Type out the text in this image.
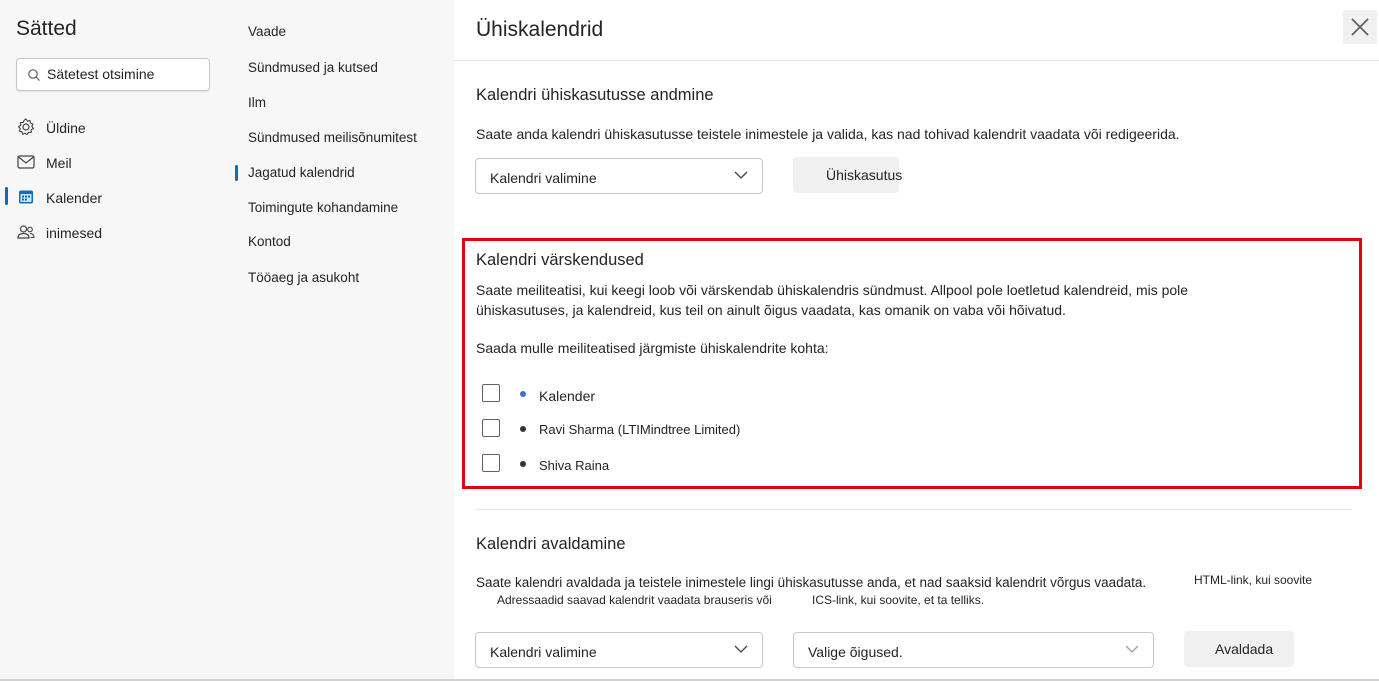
Sätted
Sätetest otsimine
Üldine
Meil
Kalender
inimesed
Vaade
Sündmused ja kutsed
Ilm
Sündmused meilisõnumitest
Jagatud kalendrid
Toimingute kohandamine
Kontod
Tööaeg ja asukoht
Ühiskalendrid
Kalendri ühiskasutusse andmine
Saate anda kalendri ühiskasutusse teistele inimestele ja valida, kas nad tohivad kalendrit vaadata või redigeerida.
Kalendri valimine	Ühiskasutus
Kalendri värskendused
Saate meiliteatisi, kui keegi loob või värskendab ühiskalendris sündmust. Allpool pole loetletud kalendreid, mis pole
ühiskasutuses, ja kalendreid, kus teil on ainult õigus vaadata, kas omanik on vaba või hõivatud.
Saada mulle meiliteatised järgmiste ühiskalendrite kohta:
Kalender
Ravi Sharma (LTIMindtree Limited)
Shiva Raina
Kalendri avaldamine
Saate kalendri avaldada ja teistele inimestele lingi ühiskasutusse anda, et nad saaksid kalendrit võrgus vaadata.	HTML-link, kui soovite
Adressaadid saavad kalendrit vaadata brauseris või	ICS-link, kui soovite, et ta telliks.
Kalendri valimine	Valige õigused.	Avaldada
